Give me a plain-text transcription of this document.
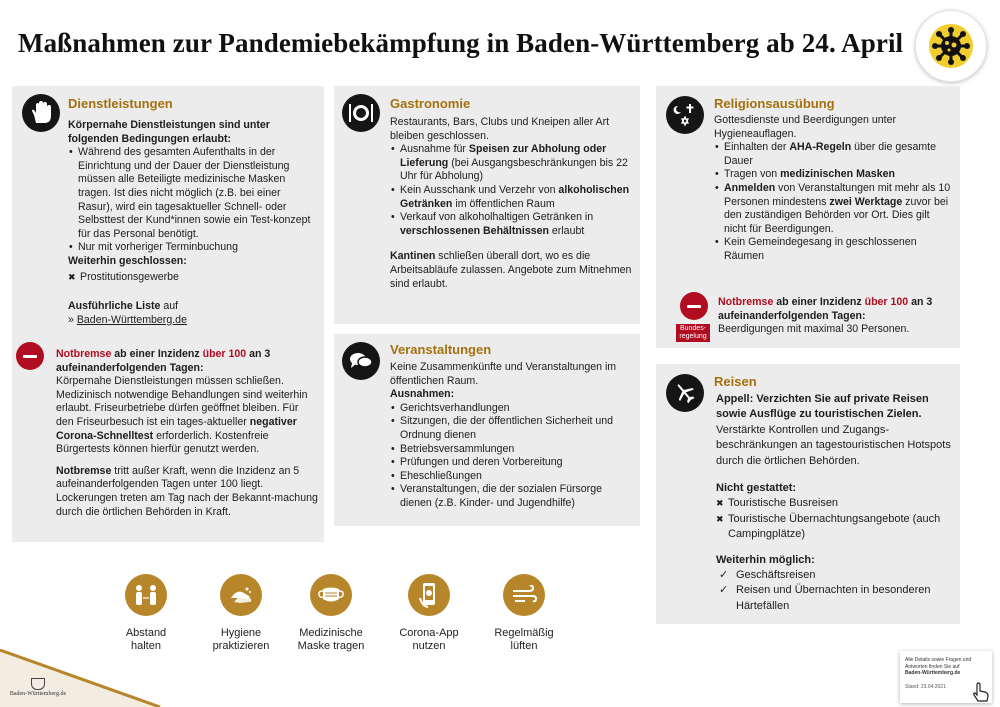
Maßnahmen zur Pandemiebekämpfung in Baden-Württemberg ab 24. April
Dienstleistungen
Körpernahe Dienstleistungen sind unter folgenden Bedingungen erlaubt:
• Während des gesamten Aufenthalts in der Einrichtung und der Dauer der Dienstleistung müssen alle Beteiligte medizinische Masken tragen. Ist dies nicht möglich (z.B. bei einer Rasur), wird ein tagesaktueller Schnell- oder Selbsttest der Kund*innen sowie ein Test-konzept für das Personal benötigt.
• Nur mit vorheriger Terminbuchung
Weiterhin geschlossen:
✖ Prostitutionsgewerbe
Ausführliche Liste auf
» Baden-Württemberg.de
Notbremse ab einer Inzidenz über 100 an 3 aufeinanderfolgenden Tagen:
Körpernahe Dienstleistungen müssen schließen. Medizinisch notwendige Behandlungen sind weiterhin erlaubt. Friseurbetriebe dürfen geöffnet bleiben. Für den Friseurbesuch ist ein tages-aktueller negativer Corona-Schnelltest erforderlich. Kostenfreie Bürgertests können hierfür genutzt werden.
Notbremse tritt außer Kraft, wenn die Inzidenz an 5 aufeinanderfolgenden Tagen unter 100 liegt. Lockerungen treten am Tag nach der Bekannt-machung durch die örtlichen Behörden in Kraft.
Gastronomie
Restaurants, Bars, Clubs und Kneipen aller Art bleiben geschlossen.
• Ausnahme für Speisen zur Abholung oder Lieferung (bei Ausgangsbeschränkungen bis 22 Uhr für Abholung)
• Kein Ausschank und Verzehr von alkoholischen Getränken im öffentlichen Raum
• Verkauf von alkoholhaltigen Getränken in verschlossenen Behältnissen erlaubt
Kantinen schließen überall dort, wo es die Arbeitsabläufe zulassen. Angebote zum Mitnehmen sind erlaubt.
Veranstaltungen
Keine Zusammenkünfte und Veranstaltungen im öffentlichen Raum.
Ausnahmen:
• Gerichtsverhandlungen
• Sitzungen, die der öffentlichen Sicherheit und Ordnung dienen
• Betriebsversammlungen
• Prüfungen und deren Vorbereitung
• Eheschließungen
• Veranstaltungen, die der sozialen Fürsorge dienen (z.B. Kinder- und Jugendhilfe)
Religionsausübung
Gottesdienste und Beerdigungen unter Hygieneauflagen.
• Einhalten der AHA-Regeln über die gesamte Dauer
• Tragen von medizinischen Masken
• Anmelden von Veranstaltungen mit mehr als 10 Personen mindestens zwei Werktage zuvor bei den zuständigen Behörden vor Ort. Dies gilt nicht für Beerdigungen.
• Kein Gemeindegesang in geschlossenen Räumen
Bundes-regelung
Notbremse ab einer Inzidenz über 100 an 3 aufeinanderfolgenden Tagen:
Beerdigungen mit maximal 30 Personen.
Reisen
Appell: Verzichten Sie auf private Reisen sowie Ausflüge zu touristischen Zielen.
Verstärkte Kontrollen und Zugangs-beschränkungen an tagestouristischen Hotspots durch die örtlichen Behörden.
Nicht gestattet:
✖ Touristische Busreisen
✖ Touristische Übernachtungsangebote (auch Campingplätze)
Weiterhin möglich:
✓ Geschäftsreisen
✓ Reisen und Übernachten in besonderen Härtefällen
Abstand
halten
Hygiene
praktizieren
Medizinische
Maske tragen
Corona-App
nutzen
Regelmäßig
lüften
Baden-Württemberg.de
Alle Details sowie Fragen und
Antworten finden Sie auf
Baden-Württemberg.de
Stand: 23.04.2021
